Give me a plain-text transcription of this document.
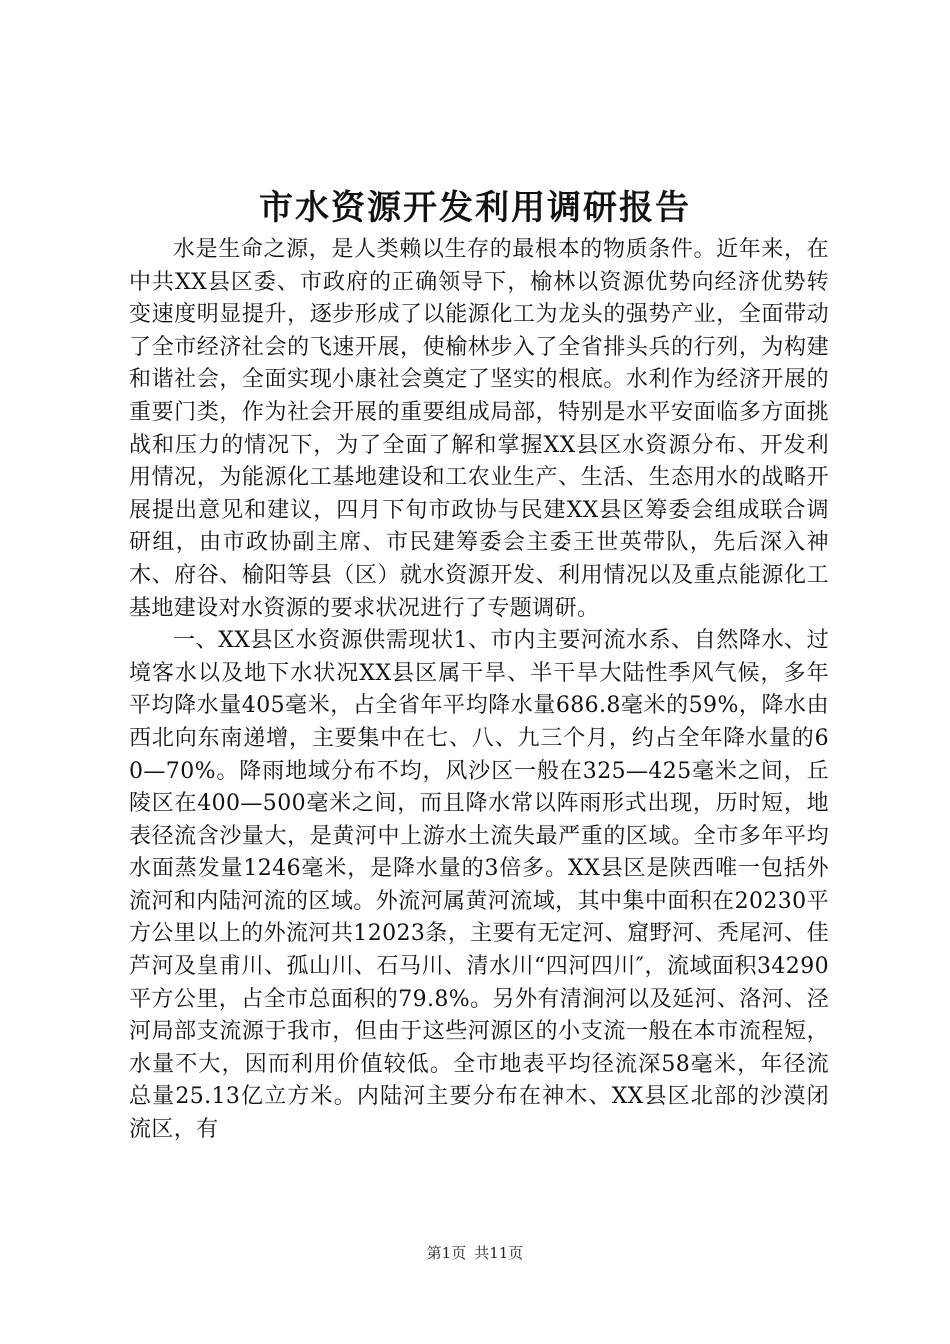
市水资源开发利用调研报告

水是生命之源，是人类赖以生存的最根本的物质条件。近年来，在中共XX县区委、市政府的正确领导下，榆林以资源优势向经济优势转变速度明显提升，逐步形成了以能源化工为龙头的强势产业，全面带动了全市经济社会的飞速开展，使榆林步入了全省排头兵的行列，为构建和谐社会，全面实现小康社会奠定了坚实的根底。水利作为经济开展的重要门类，作为社会开展的重要组成局部，特别是水平安面临多方面挑战和压力的情况下，为了全面了解和掌握XX县区水资源分布、开发利用情况，为能源化工基地建设和工农业生产、生活、生态用水的战略开展提出意见和建议，四月下旬市政协与民建XX县区筹委会组成联合调研组，由市政协副主席、市民建筹委会主委王世英带队，先后深入神木、府谷、榆阳等县（区）就水资源开发、利用情况以及重点能源化工基地建设对水资源的要求状况进行了专题调研。

一、XX县区水资源供需现状1、市内主要河流水系、自然降水、过境客水以及地下水状况XX县区属干旱、半干旱大陆性季风气候，多年平均降水量405毫米，占全省年平均降水量686.8毫米的59%，降水由西北向东南递增，主要集中在七、八、九三个月，约占全年降水量的60—70%。降雨地域分布不均，风沙区一般在325—425毫米之间，丘陵区在400—500毫米之间，而且降水常以阵雨形式出现，历时短，地表径流含沙量大，是黄河中上游水土流失最严重的区域。全市多年平均水面蒸发量1246毫米，是降水量的3倍多。XX县区是陕西唯一包括外流河和内陆河流的区域。外流河属黄河流域，其中集中面积在20230平方公里以上的外流河共12023条，主要有无定河、窟野河、秃尾河、佳芦河及皇甫川、孤山川、石马川、清水川“四河四川″，流域面积34290平方公里，占全市总面积的79.8%。另外有清涧河以及延河、洛河、泾河局部支流源于我市，但由于这些河源区的小支流一般在本市流程短，水量不大，因而利用价值较低。全市地表平均径流深58毫米，年径流总量25.13亿立方米。内陆河主要分布在神木、XX县区北部的沙漠闭流区，有

第1页 共11页
